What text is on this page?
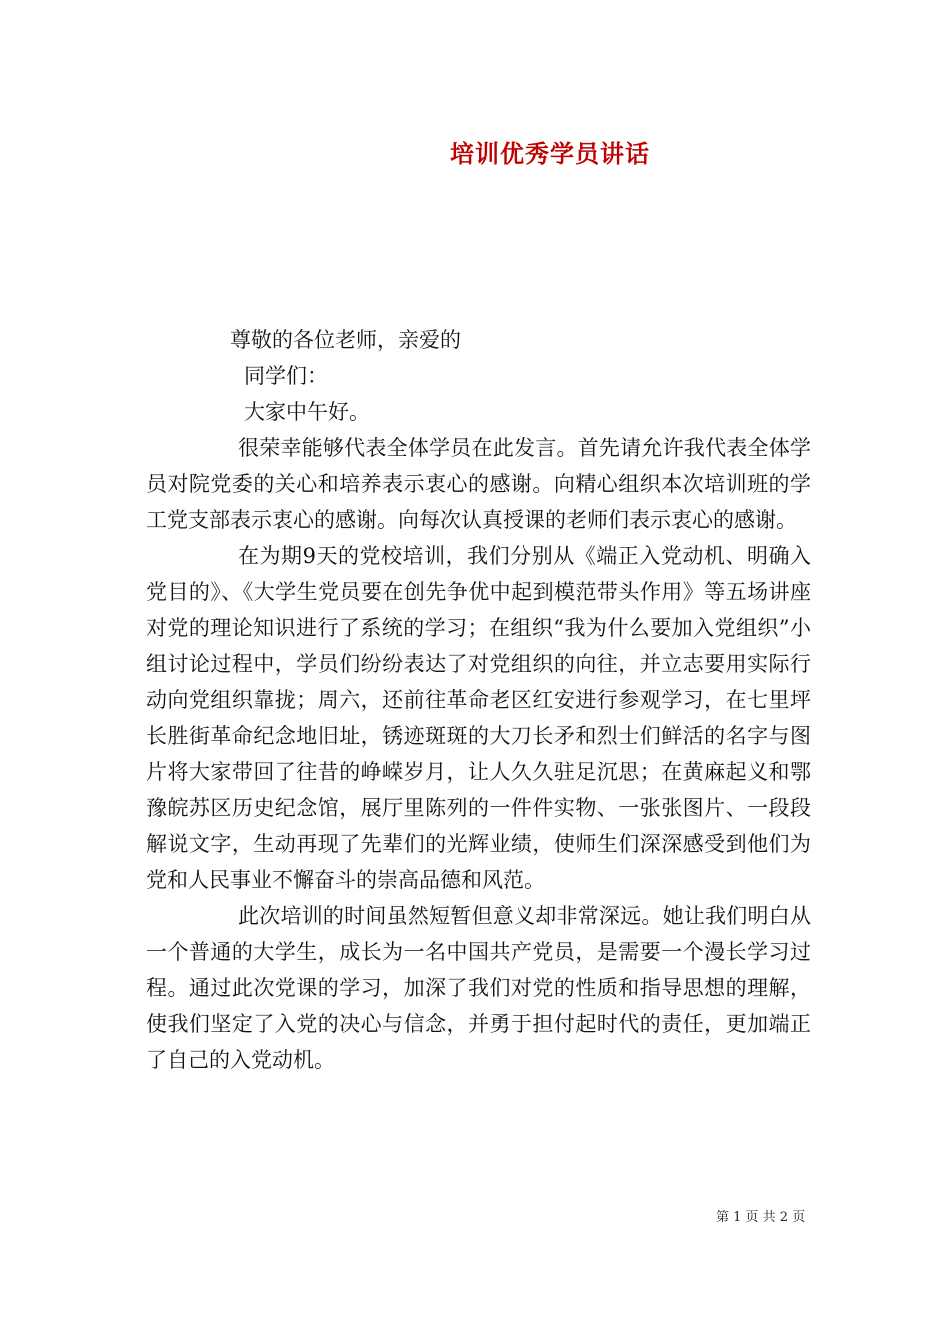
培训优秀学员讲话

尊敬的各位老师，亲爱的

同学们：

大家中午好。

很荣幸能够代表全体学员在此发言。首先请允许我代表全体学员对院党委的关心和培养表示衷心的感谢。向精心组织本次培训班的学工党支部表示衷心的感谢。向每次认真授课的老师们表示衷心的感谢。

在为期9天的党校培训，我们分别从《端正入党动机、明确入党目的》、《大学生党员要在创先争优中起到模范带头作用》等五场讲座对党的理论知识进行了系统的学习；在组织“我为什么要加入党组织”小组讨论过程中，学员们纷纷表达了对党组织的向往，并立志要用实际行动向党组织靠拢；周六，还前往革命老区红安进行参观学习，在七里坪长胜街革命纪念地旧址，锈迹斑斑的大刀长矛和烈士们鲜活的名字与图片将大家带回了往昔的峥嵘岁月，让人久久驻足沉思；在黄麻起义和鄂豫皖苏区历史纪念馆，展厅里陈列的一件件实物、一张张图片、一段段解说文字，生动再现了先辈们的光辉业绩，使师生们深深感受到他们为党和人民事业不懈奋斗的崇高品德和风范。

此次培训的时间虽然短暂但意义却非常深远。她让我们明白从一个普通的大学生，成长为一名中国共产党员，是需要一个漫长学习过程。通过此次党课的学习，加深了我们对党的性质和指导思想的理解，使我们坚定了入党的决心与信念，并勇于担付起时代的责任，更加端正了自己的入党动机。

第 1 页 共 2 页
